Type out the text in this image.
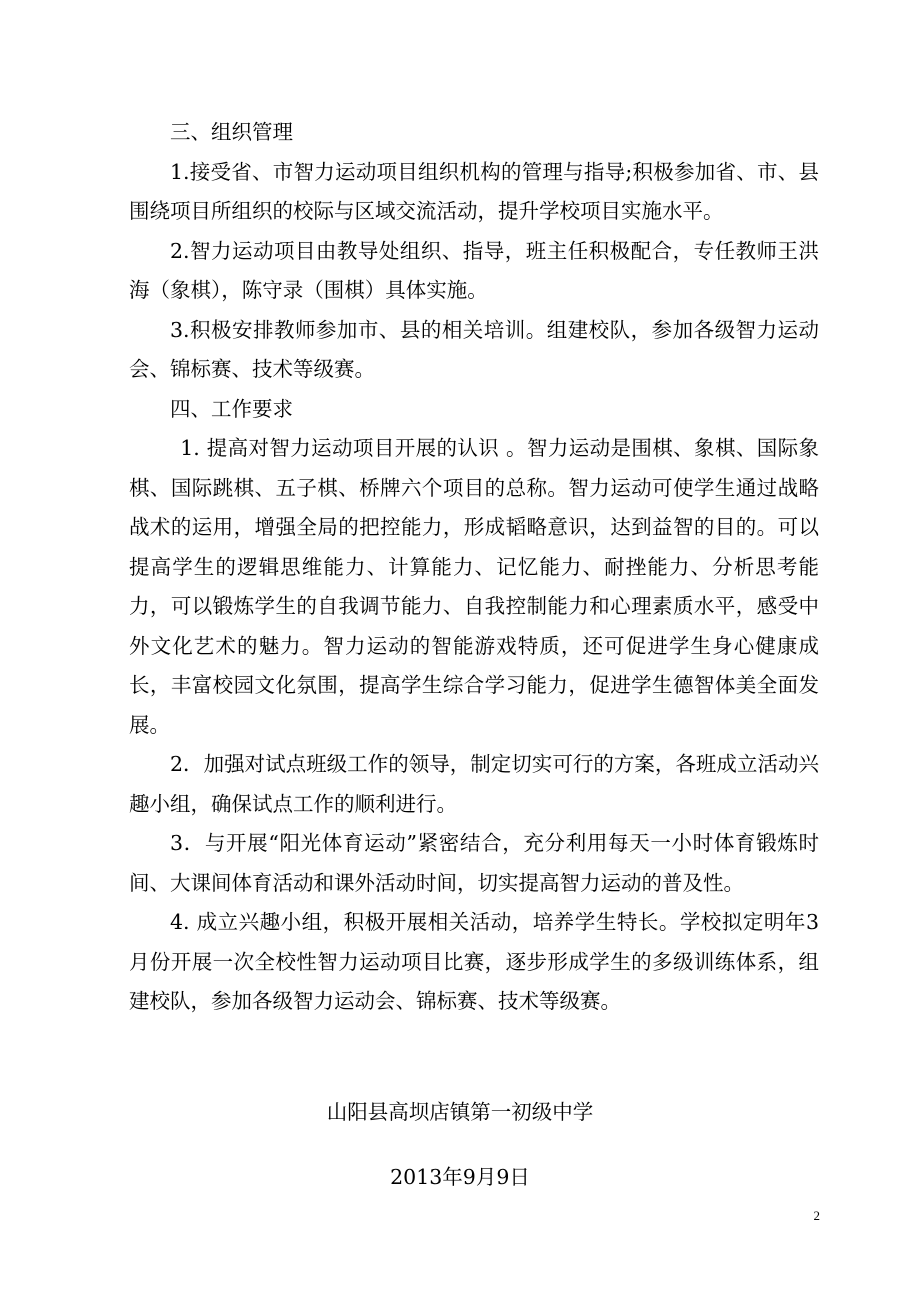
三、组织管理

1.接受省、市智力运动项目组织机构的管理与指导;积极参加省、市、县围绕项目所组织的校际与区域交流活动，提升学校项目实施水平。

2.智力运动项目由教导处组织、指导，班主任积极配合，专任教师王洪海（象棋），陈守录（围棋）具体实施。

3.积极安排教师参加市、县的相关培训。组建校队，参加各级智力运动会、锦标赛、技术等级赛。

四、工作要求

1. 提高对智力运动项目开展的认识 。智力运动是围棋、象棋、国际象棋、国际跳棋、五子棋、桥牌六个项目的总称。智力运动可使学生通过战略战术的运用，增强全局的把控能力，形成韬略意识，达到益智的目的。可以提高学生的逻辑思维能力、计算能力、记忆能力、耐挫能力、分析思考能力，可以锻炼学生的自我调节能力、自我控制能力和心理素质水平，感受中外文化艺术的魅力。智力运动的智能游戏特质，还可促进学生身心健康成长，丰富校园文化氛围，提高学生综合学习能力，促进学生德智体美全面发展。

2．加强对试点班级工作的领导，制定切实可行的方案，各班成立活动兴趣小组，确保试点工作的顺利进行。

3．与开展“阳光体育运动”紧密结合，充分利用每天一小时体育锻炼时间、大课间体育活动和课外活动时间，切实提高智力运动的普及性。

4. 成立兴趣小组，积极开展相关活动，培养学生特长。学校拟定明年3月份开展一次全校性智力运动项目比赛，逐步形成学生的多级训练体系，组建校队，参加各级智力运动会、锦标赛、技术等级赛。

山阳县高坝店镇第一初级中学
2013年9月9日
2
